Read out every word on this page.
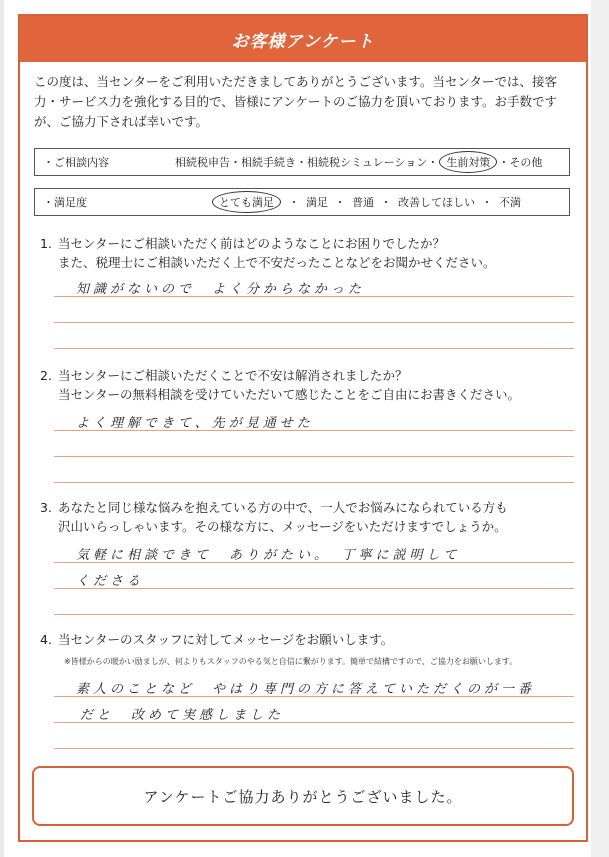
お客様アンケート
この度は、当センターをご利用いただきましてありがとうございます。当センターでは、接客力・サービス力を強化する目的で、皆様にアンケートのご協力を頂いております。お手数ですが、ご協力下されば幸いです。
・ご相談内容	相続税申告・相続手続き・相続税シミュレーション・ 生前対策 ・その他
・満足度	とても満足 ・ 満足 ・ 普通 ・ 改善してほしい ・ 不満
1. 当センターにご相談いただく前はどのようなことにお困りでしたか？
また、税理士にご相談いただく上で不安だったことなどをお聞かせください。
知識がないので　よく分からなかった
2. 当センターにご相談いただくことで不安は解消されましたか？
当センターの無料相談を受けていただいて感じたことをご自由にお書きください。
よく理解できて、先が見通せた
3. あなたと同じ様な悩みを抱えている方の中で、一人でお悩みになられている方も
沢山いらっしゃいます。その様な方に、メッセージをいただけますでしょうか。
気軽に相談できて　ありがたい。　丁寧に説明して
くださる
4. 当センターのスタッフに対してメッセージをお願いします。
※皆様からの暖かい励ましが、何よりもスタッフのやる気と自信に繋がります。簡単で結構ですので、ご協力をお願いします。
素人のことなど　やはり専門の方に答えていただくのが一番
だと　改めて実感しました
アンケートご協力ありがとうございました。
